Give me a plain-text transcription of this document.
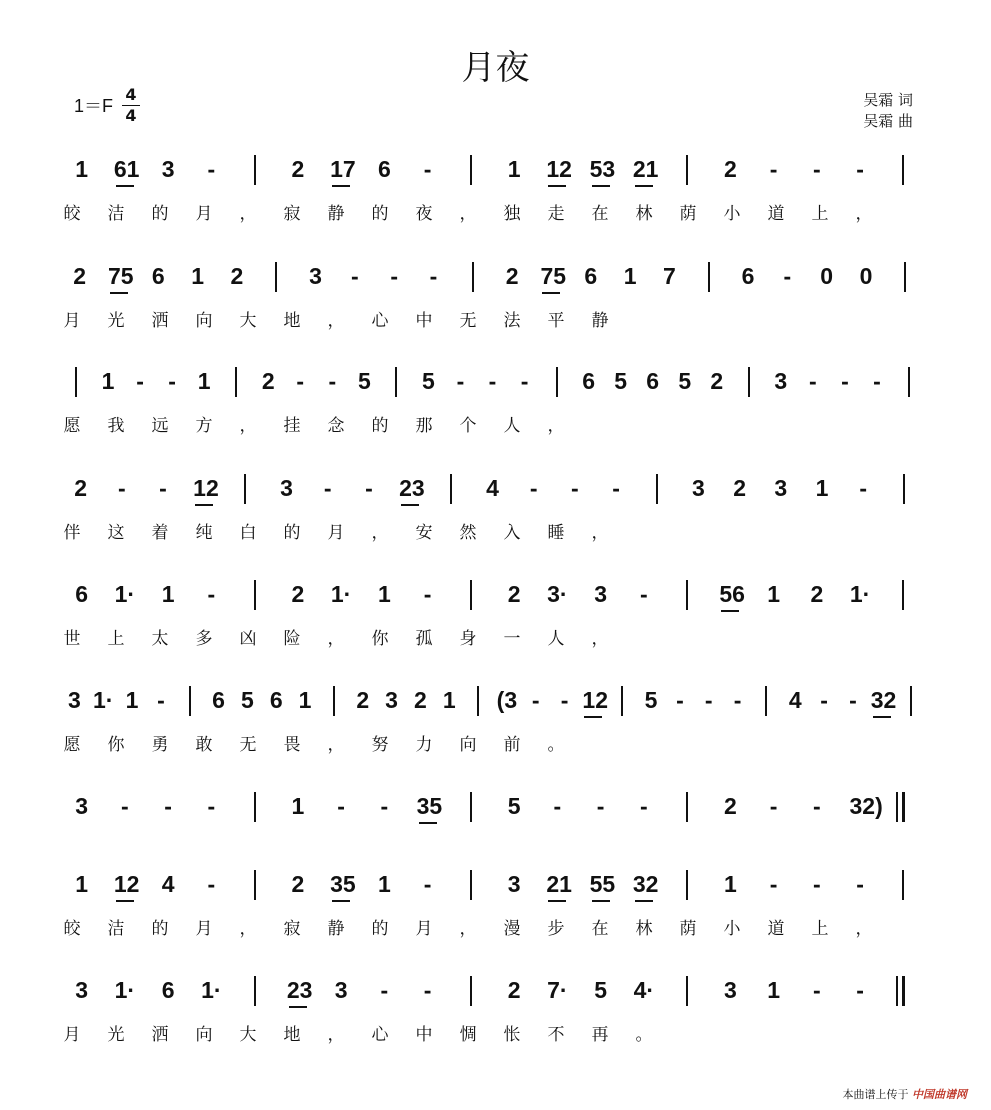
月夜
1＝F
4
4
吴霜 词
吴霜 曲
1 61 3	-	2 17 6	-	1 12 53 21	2	-	-	-
皎 洁 的 月 ， 寂 静 的 夜 ， 独 走 在 林 荫 小 道 上 ，
2 75 6 1 2	3	-	-	-	2 75 6 1 7	6	-	0 0
月 光 洒 向 大 地 ， 心 中 无 法 平 静
1 -	- 1 2 -	- 5 5 -	-	-	6 5 6 5 2 3 -	-	-
愿 我 远 方 ， 挂 念 的 那 个 人 ，
2	-	-	12	3	-	-	23	4	-	-	-	3 2 3 1	-
伴 这 着 纯 白 的 月 ， 安 然 入 睡 ，
6 1· 1	-	2 1· 1	-	2 3· 3	-	56 1 2 1·
世 上 太 多 凶 险 ， 你 孤 身 一 人 ，
3 1· 1 -	6 5 6 1 2 3 2 1 (3 - - 12 5 - - -	4 - - 32
愿 你 勇 敢 无 畏 ， 努 力 向 前 。
3	-	-	-	1	-	-	35	5	-	-	-	2	-	-	32)
1 12 4	-	2 35 1	-	3 21 55 32	1	-	-	-
皎 洁 的 月 ， 寂 静 的 月 ， 漫 步 在 林 荫 小 道 上 ，
3 1· 6 1·	23 3	-	-	2 7· 5 4·	3 1	-	-
月 光 洒 向 大 地 ， 心 中 惆 怅 不 再 。
本曲谱上传于 中国曲谱网
